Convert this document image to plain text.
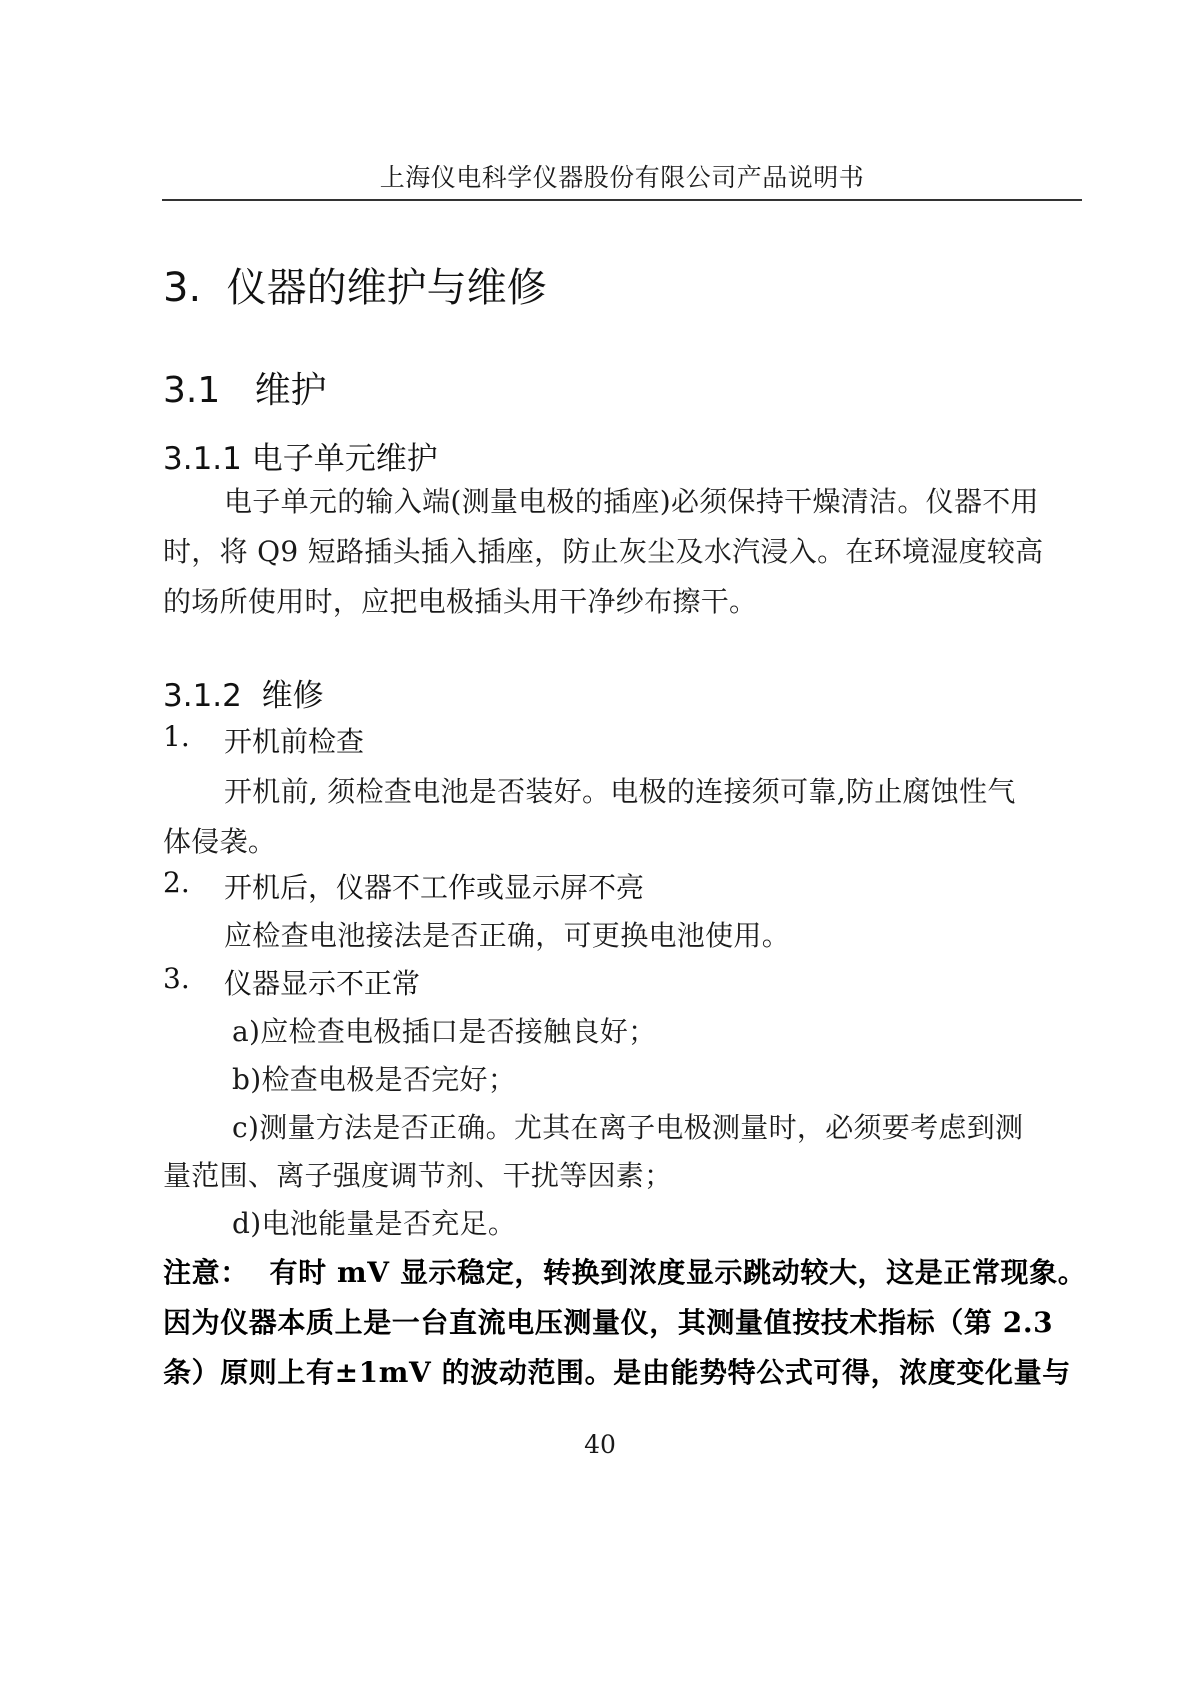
上海仪电科学仪器股份有限公司产品说明书
3.  仪器的维护与维修
3.1   维护
3.1.1 电子单元维护
电子单元的输入端(测量电极的插座)必须保持干燥清洁。仪器不用
时，将 Q9 短路插头插入插座，防止灰尘及水汽浸入。在环境湿度较高
的场所使用时，应把电极插头用干净纱布擦干。
3.1.2  维修
1. 开机前检查
开机前, 须检查电池是否装好。电极的连接须可靠,防止腐蚀性气
体侵袭。
2. 开机后，仪器不工作或显示屏不亮
应检查电池接法是否正确，可更换电池使用。
3. 仪器显示不正常
a)应检查电极插口是否接触良好；
b)检查电极是否完好；
c)测量方法是否正确。尤其在离子电极测量时，必须要考虑到测
量范围、离子强度调节剂、干扰等因素；
d)电池能量是否充足。
注意：  有时 mV 显示稳定，转换到浓度显示跳动较大，这是正常现象。
因为仪器本质上是一台直流电压测量仪，其测量值按技术指标（第 2.3
条）原则上有±1mV 的波动范围。是由能势特公式可得，浓度变化量与
40
